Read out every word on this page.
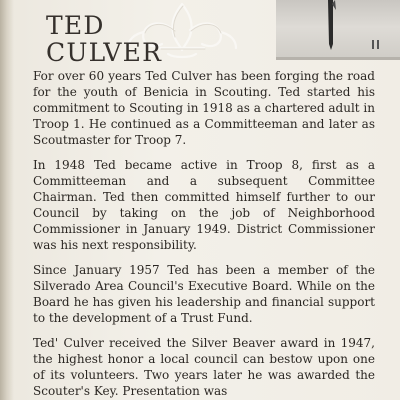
TED
CULVER

For over 60 years Ted Culver has been forging the road for the youth of Benicia in Scouting. Ted started his commitment to Scouting in 1918 as a chartered adult in Troop 1. He continued as a Committeeman and later as Scoutmaster for Troop 7.

In 1948 Ted became active in Troop 8, first as a Committeeman and a subsequent Committee Chairman. Ted then committed himself further to our Council by taking on the job of Neighborhood Commissioner in January 1949. District Commissioner was his next responsibility.

Since January 1957 Ted has been a member of the Silverado Area Council's Executive Board. While on the Board he has given his leadership and financial support to the development of a Trust Fund.

Ted' Culver received the Silver Beaver award in 1947, the highest honor a local council can bestow upon one of its volunteers. Two years later he was awarded the Scouter's Key. Presentation was
